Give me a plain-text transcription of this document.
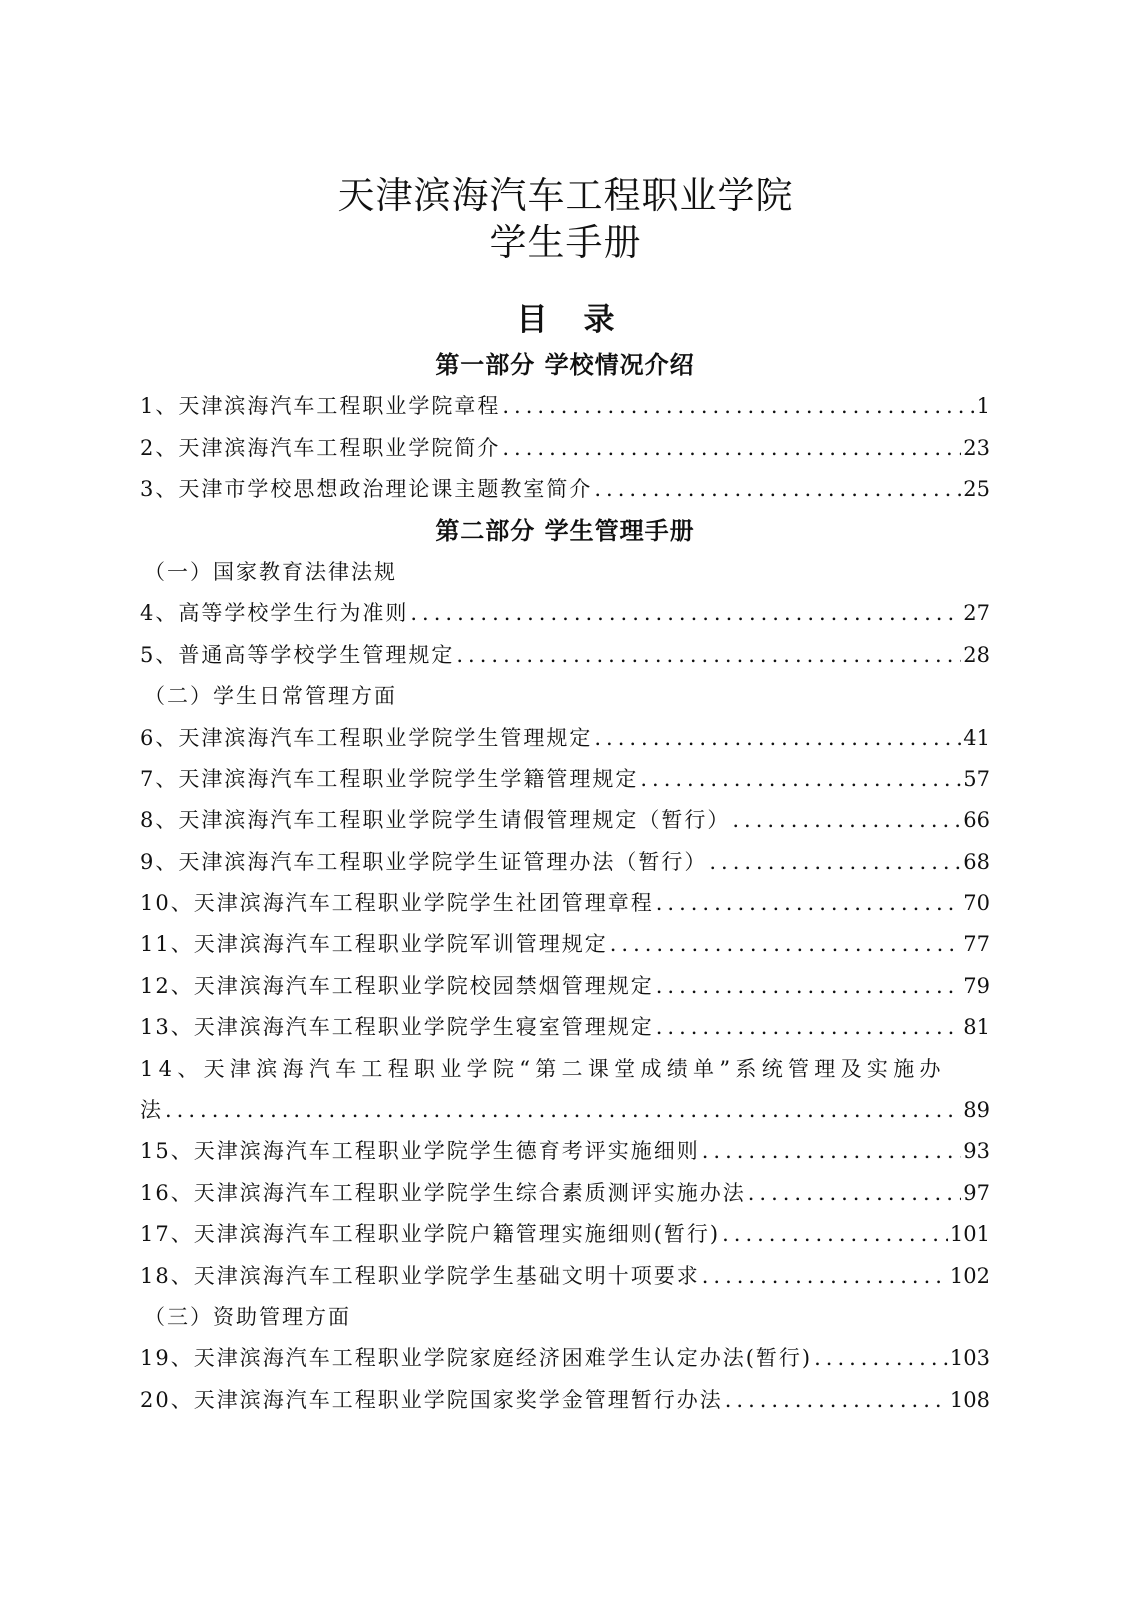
天津滨海汽车工程职业学院
学生手册
目 录
第一部分 学校情况介绍
1、天津滨海汽车工程职业学院章程 .....	1
2、天津滨海汽车工程职业学院简介 .....	23
3、天津市学校思想政治理论课主题教室简介 .....	25
第二部分 学生管理手册
（一）国家教育法律法规
4、高等学校学生行为准则 .....	27
5、普通高等学校学生管理规定 .....	28
（二）学生日常管理方面
6、天津滨海汽车工程职业学院学生管理规定 .....	41
7、天津滨海汽车工程职业学院学生学籍管理规定 .....	57
8、天津滨海汽车工程职业学院学生请假管理规定（暂行） .....	66
9、天津滨海汽车工程职业学院学生证管理办法（暂行） .....	68
10、天津滨海汽车工程职业学院学生社团管理章程 .....	70
11、天津滨海汽车工程职业学院军训管理规定 .....	77
12、天津滨海汽车工程职业学院校园禁烟管理规定 .....	79
13、天津滨海汽车工程职业学院学生寝室管理规定 .....	81
14、天津滨海汽车工程职业学院“第二课堂成绩单”系统管理及实施办
法 .....	89
15、天津滨海汽车工程职业学院学生德育考评实施细则 .....	93
16、天津滨海汽车工程职业学院学生综合素质测评实施办法 .....	97
17、天津滨海汽车工程职业学院户籍管理实施细则(暂行) .....	101
18、天津滨海汽车工程职业学院学生基础文明十项要求 .....	102
（三）资助管理方面
19、天津滨海汽车工程职业学院家庭经济困难学生认定办法(暂行) .....	103
20、天津滨海汽车工程职业学院国家奖学金管理暂行办法 .....	108
